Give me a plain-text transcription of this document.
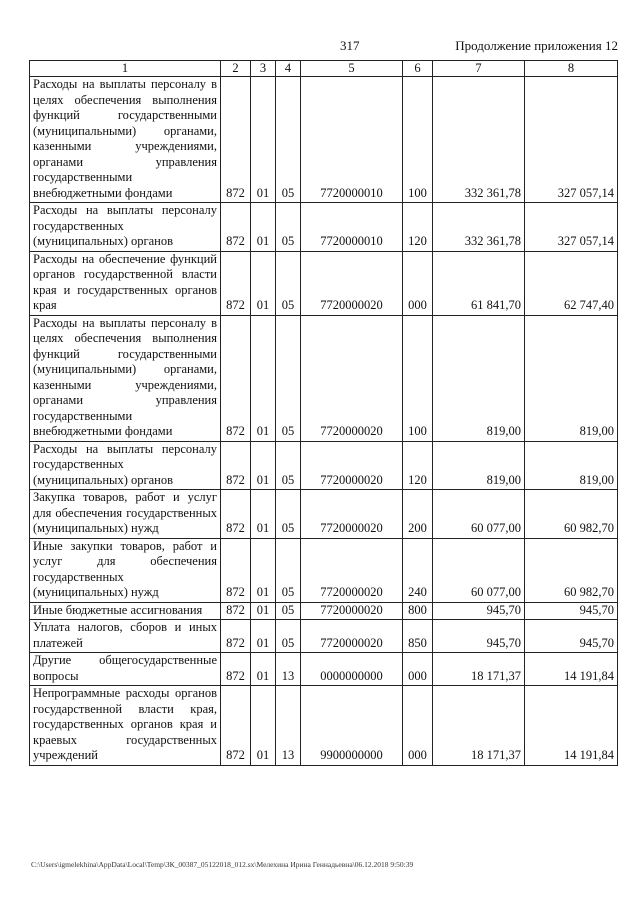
317	Продолжение приложения 12
1	2	3	4	5	6	7	8
Расходы на выплаты персоналу в целях обеспечения выполнения функций государственными (муниципальными) органами, казенными учреждениями, органами управления государственными внебюджетными фондами	872	01	05	7720000010	100	332 361,78	327 057,14
Расходы на выплаты персоналу государственных (муниципальных) органов	872	01	05	7720000010	120	332 361,78	327 057,14
Расходы на обеспечение функций органов государственной власти края и государственных органов края	872	01	05	7720000020	000	61 841,70	62 747,40
Расходы на выплаты персоналу в целях обеспечения выполнения функций государственными (муниципальными) органами, казенными учреждениями, органами управления государственными внебюджетными фондами	872	01	05	7720000020	100	819,00	819,00
Расходы на выплаты персоналу государственных (муниципальных) органов	872	01	05	7720000020	120	819,00	819,00
Закупка товаров, работ и услуг для обеспечения государственных (муниципальных) нужд	872	01	05	7720000020	200	60 077,00	60 982,70
Иные закупки товаров, работ и услуг для обеспечения государственных (муниципальных) нужд	872	01	05	7720000020	240	60 077,00	60 982,70
Иные бюджетные ассигнования	872	01	05	7720000020	800	945,70	945,70
Уплата налогов, сборов и иных платежей	872	01	05	7720000020	850	945,70	945,70
Другие общегосударственные вопросы	872	01	13	0000000000	000	18 171,37	14 191,84
Непрограммные расходы органов государственной власти края, государственных органов края и краевых государственных учреждений	872	01	13	9900000000	000	18 171,37	14 191,84
C:\Users\igmelekhina\AppData\Local\Temp\ЗК_00387_05122018_012.sx\Мелехина Ирина Геннадьевна\06.12.2018 9:50:39
